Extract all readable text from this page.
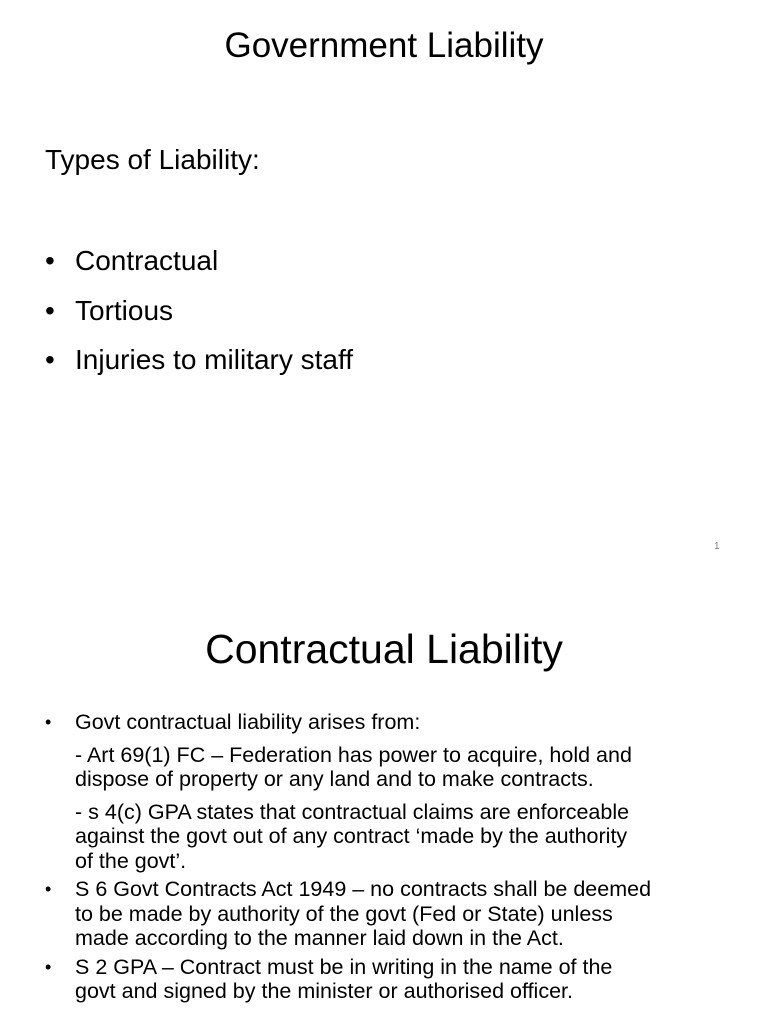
Government Liability
Types of Liability:
• Contractual
• Tortious
• Injuries to military staff
1
Contractual Liability
• Govt contractual liability arises from:
- Art 69(1) FC – Federation has power to acquire, hold and
dispose of property or any land and to make contracts.
- s 4(c) GPA states that contractual claims are enforceable
against the govt out of any contract ‘made by the authority
of the govt’.
• S 6 Govt Contracts Act 1949 – no contracts shall be deemed
to be made by authority of the govt (Fed or State) unless
made according to the manner laid down in the Act.
• S 2 GPA – Contract must be in writing in the name of the
govt and signed by the minister or authorised officer.
